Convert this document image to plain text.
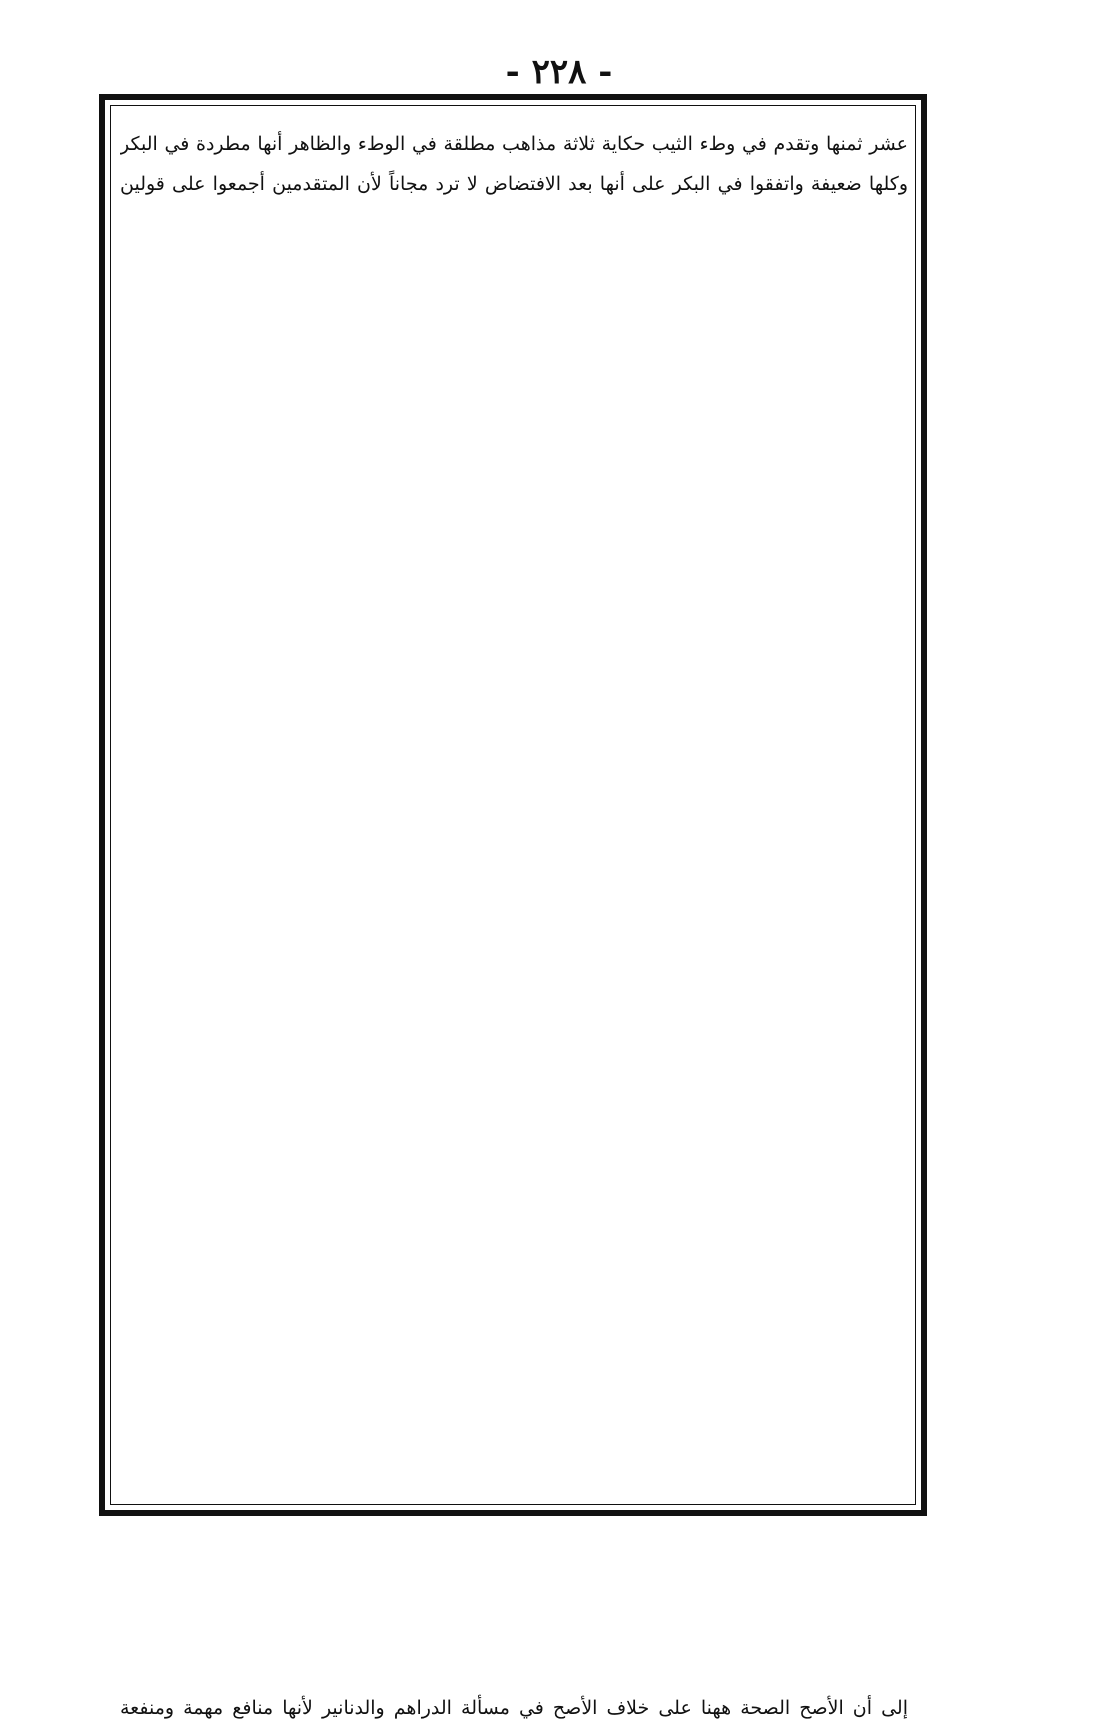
- ٢٢٨ -

عشر ثمنها وتقدم في وطء الثيب حكاية ثلاثة مذاهب مطلقة في الوطء والظاهر أنها مطردة في البكر

وكلها ضعيفة واتفقوا في البكر على أنها بعد الافتضاض لا ترد مجاناً لأن المتقدمين أجمعوا على قولين

إلى أن الأصح الصحة ههنا على خلاف الأصح في مسألة الدراهم والدنانير لأنها منافع مهمة ومنفعة
